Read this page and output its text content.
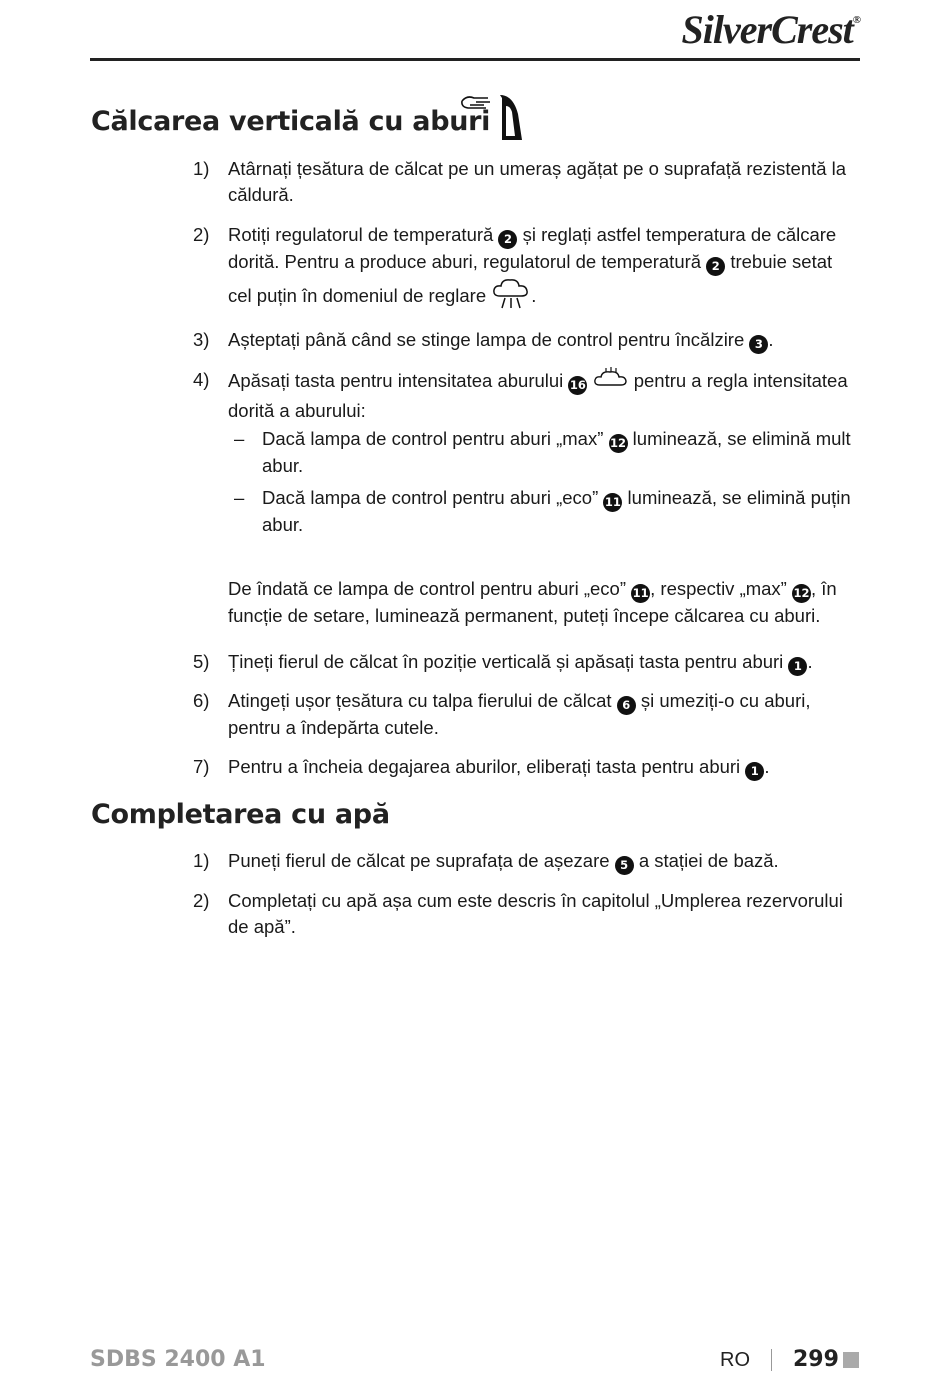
SilverCrest®
Călcarea verticală cu aburi
1) Atârnați țesătura de călcat pe un umeraș agățat pe o suprafață rezistentă la căldură.
2) Rotiți regulatorul de temperatură 2 și reglați astfel temperatura de călcare dorită. Pentru a produce aburi, regulatorul de temperatură 2 trebuie setat cel puțin în domeniul de reglare .
3) Așteptați până când se stinge lampa de control pentru încălzire 3 .
4) Apăsați tasta pentru intensitatea aburului 16	pentru a regla intensitatea dorită a aburului:
– Dacă lampa de control pentru aburi „max” 12 luminează, se elimină mult abur.
– Dacă lampa de control pentru aburi „eco” 11 luminează, se elimină puțin abur.
De îndată ce lampa de control pentru aburi „eco” 11, respectiv „max” 12, în funcție de setare, luminează permanent, puteți începe călcarea cu aburi.
5) Țineți fierul de călcat în poziție verticală și apăsați tasta pentru aburi 1 .
6) Atingeți ușor țesătura cu talpa fierului de călcat 6 și umeziți-o cu aburi, pentru a îndepărta cutele.
7) Pentru a încheia degajarea aburilor, eliberați tasta pentru aburi 1 .
Completarea cu apă
1) Puneți fierul de călcat pe suprafața de așezare 5 a stației de bază.
2) Completați cu apă așa cum este descris în capitolul „Umplerea rezervorului de apă”.
SDBS 2400 A1	RO 299
